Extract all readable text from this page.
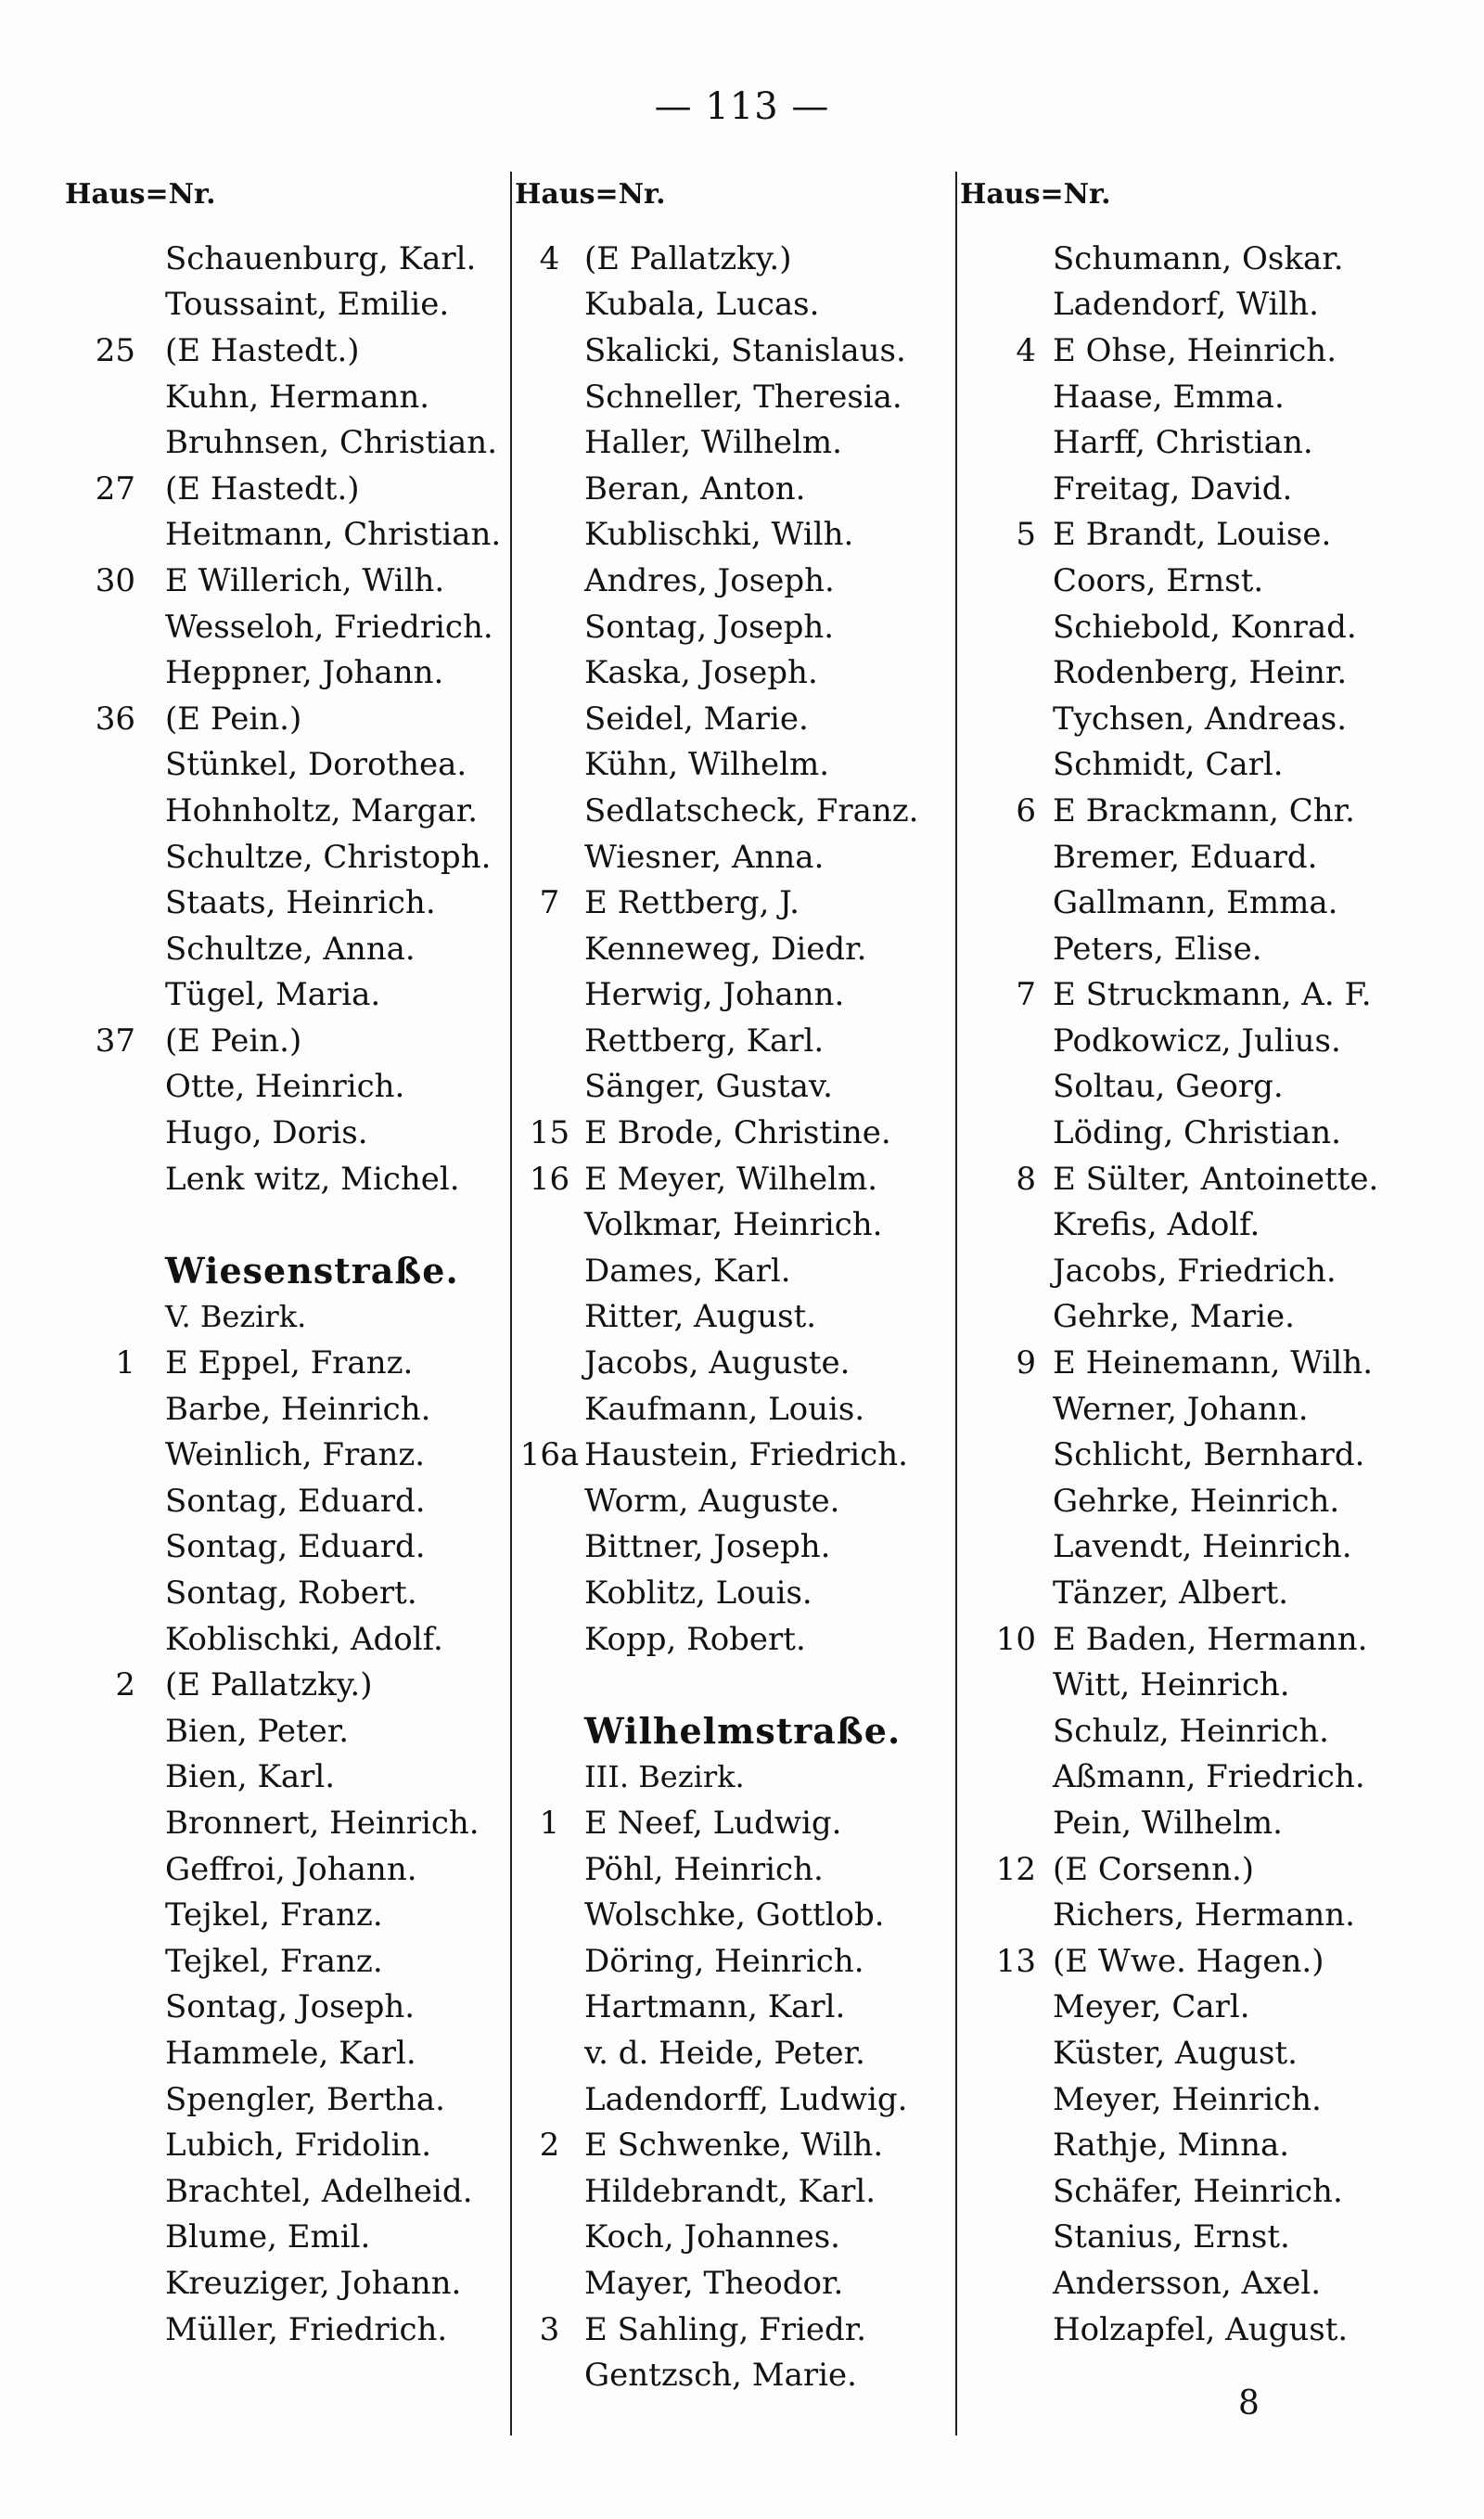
— 113 —
Haus=Nr.
Schauenburg, Karl.
Toussaint, Emilie.
25 (E Hastedt.)
Kuhn, Hermann.
Bruhnsen, Christian.
27 (E Hastedt.)
Heitmann, Christian.
30 E Willerich, Wilh.
Wesseloh, Friedrich.
Heppner, Johann.
36 (E Pein.)
Stünkel, Dorothea.
Hohnholtz, Margar.
Schultze, Christoph.
Staats, Heinrich.
Schultze, Anna.
Tügel, Maria.
37 (E Pein.)
Otte, Heinrich.
Hugo, Doris.
Lenk witz, Michel.
Wiesenstraße.
V. Bezirk.
1 E Eppel, Franz.
Barbe, Heinrich.
Weinlich, Franz.
Sontag, Eduard.
Sontag, Eduard.
Sontag, Robert.
Koblischki, Adolf.
2 (E Pallatzky.)
Bien, Peter.
Bien, Karl.
Bronnert, Heinrich.
Geffroi, Johann.
Tejkel, Franz.
Tejkel, Franz.
Sontag, Joseph.
Hammele, Karl.
Spengler, Bertha.
Lubich, Fridolin.
Brachtel, Adelheid.
Blume, Emil.
Kreuziger, Johann.
Müller, Friedrich.
Haus=Nr.
4 (E Pallatzky.)
Kubala, Lucas.
Skalicki, Stanislaus.
Schneller, Theresia.
Haller, Wilhelm.
Beran, Anton.
Kublischki, Wilh.
Andres, Joseph.
Sontag, Joseph.
Kaska, Joseph.
Seidel, Marie.
Kühn, Wilhelm.
Sedlatscheck, Franz.
Wiesner, Anna.
7 E Rettberg, J.
Kenneweg, Diedr.
Herwig, Johann.
Rettberg, Karl.
Sänger, Gustav.
15 E Brode, Christine.
16 E Meyer, Wilhelm.
Volkmar, Heinrich.
Dames, Karl.
Ritter, August.
Jacobs, Auguste.
Kaufmann, Louis.
16a Haustein, Friedrich.
Worm, Auguste.
Bittner, Joseph.
Koblitz, Louis.
Kopp, Robert.
Wilhelmstraße.
III. Bezirk.
1 E Neef, Ludwig.
Pöhl, Heinrich.
Wolschke, Gottlob.
Döring, Heinrich.
Hartmann, Karl.
v. d. Heide, Peter.
Ladendorff, Ludwig.
2 E Schwenke, Wilh.
Hildebrandt, Karl.
Koch, Johannes.
Mayer, Theodor.
3 E Sahling, Friedr.
Gentzsch, Marie.
Haus=Nr.
Schumann, Oskar.
Ladendorf, Wilh.
4 E Ohse, Heinrich.
Haase, Emma.
Harff, Christian.
Freitag, David.
5 E Brandt, Louise.
Coors, Ernst.
Schiebold, Konrad.
Rodenberg, Heinr.
Tychsen, Andreas.
Schmidt, Carl.
6 E Brackmann, Chr.
Bremer, Eduard.
Gallmann, Emma.
Peters, Elise.
7 E Struckmann, A. F.
Podkowicz, Julius.
Soltau, Georg.
Löding, Christian.
8 E Sülter, Antoinette.
Krefis, Adolf.
Jacobs, Friedrich.
Gehrke, Marie.
9 E Heinemann, Wilh.
Werner, Johann.
Schlicht, Bernhard.
Gehrke, Heinrich.
Lavendt, Heinrich.
Tänzer, Albert.
10 E Baden, Hermann.
Witt, Heinrich.
Schulz, Heinrich.
Aßmann, Friedrich.
Pein, Wilhelm.
12 (E Corsenn.)
Richers, Hermann.
13 (E Wwe. Hagen.)
Meyer, Carl.
Küster, August.
Meyer, Heinrich.
Rathje, Minna.
Schäfer, Heinrich.
Stanius, Ernst.
Andersson, Axel.
Holzapfel, August.
8
